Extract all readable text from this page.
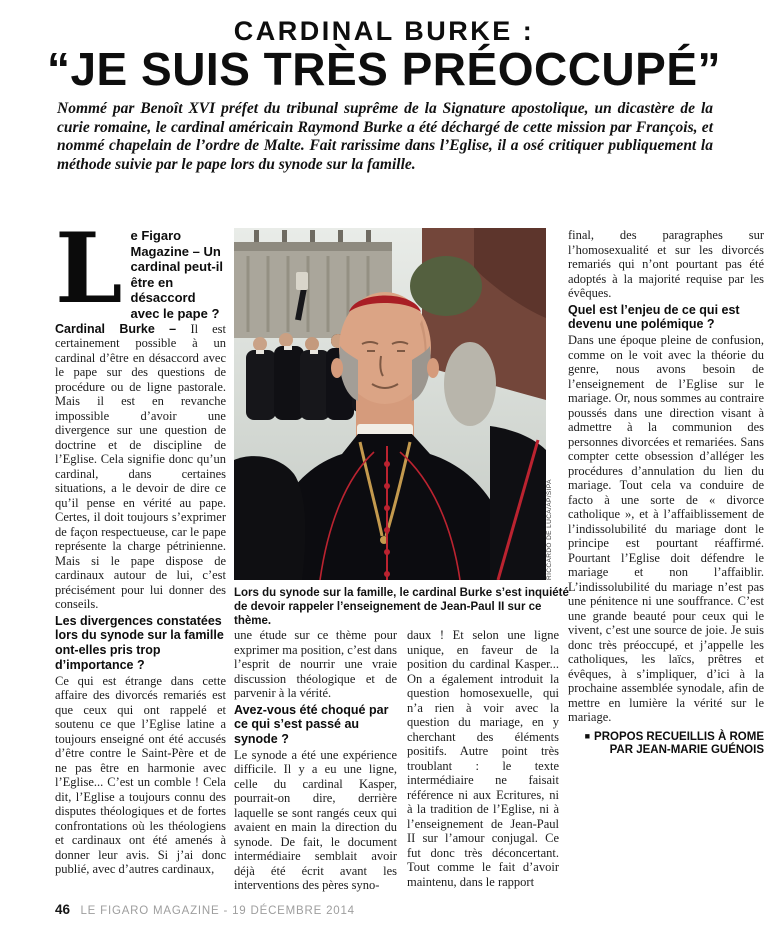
CARDINAL BURKE :
“JE SUIS TRÈS PRÉOCCUPÉ”

Nommé par Benoît XVI préfet du tribunal suprême de la Signature apostolique, un dicastère de la curie romaine, le cardinal américain Raymond Burke a été déchargé de cette mission par François, et nommé chapelain de l’ordre de Malte. Fait rarissime dans l’Eglise, il a osé critiquer publiquement la méthode suivie par le pape lors du synode sur la famille.

L e Figaro Magazine – Un cardinal peut-il être en désaccord avec le pape ?
Cardinal Burke – Il est certainement possible à un cardinal d’être en désaccord avec le pape sur des questions de procédure ou de ligne pastorale. Mais il est en revanche impossible d’avoir une divergence sur une question de doctrine et de discipline de l’Eglise. Cela signifie donc qu’un cardinal, dans certaines situations, a le devoir de dire ce qu’il pense en vérité au pape. Certes, il doit toujours s’exprimer de façon respectueuse, car le pape représente la charge pétrinienne. Mais si le pape dispose de cardinaux autour de lui, c’est précisément pour lui donner des conseils.

Les divergences constatées lors du synode sur la famille ont-elles pris trop d’importance ?

Ce qui est étrange dans cette affaire des divorcés remariés est que ceux qui ont rappelé et soutenu ce que l’Eglise latine a toujours enseigné ont été accusés d’être contre le Saint-Père et de ne pas être en harmonie avec l’Eglise... C’est un comble ! Cela dit, l’Eglise a toujours connu des disputes théologiques et de fortes confrontations où les théologiens et cardinaux ont été amenés à donner leur avis. Si j’ai donc publié, avec d’autres cardinaux,

RICCARDO DE LUCA/AP/SIPA

Lors du synode sur la famille, le cardinal Burke s’est inquiété de devoir rappeler l’enseignement de Jean-Paul II sur ce thème.

une étude sur ce thème pour exprimer ma position, c’est dans l’esprit de nourrir une vraie discussion théologique et de parvenir à la vérité.

Avez-vous été choqué par ce qui s’est passé au synode ?

Le synode a été une expérience difficile. Il y a eu une ligne, celle du cardinal Kasper, pourrait-on dire, derrière laquelle se sont rangés ceux qui avaient en main la direction du synode. De fait, le document intermédiaire semblait avoir déjà été écrit avant les interventions des pères syno-

daux ! Et selon une ligne unique, en faveur de la position du cardinal Kasper... On a également introduit la question homosexuelle, qui n’a rien à voir avec la question du mariage, en y cherchant des éléments positifs. Autre point très troublant : le texte intermédiaire ne faisait référence ni aux Ecritures, ni à la tradition de l’Eglise, ni à l’enseignement de Jean-Paul II sur l’amour conjugal. Ce fut donc très déconcertant. Tout comme le fait d’avoir maintenu, dans le rapport

final, des paragraphes sur l’homosexualité et sur les divorcés remariés qui n’ont pourtant pas été adoptés à la majorité requise par les évêques.

Quel est l’enjeu de ce qui est devenu une polémique ?

Dans une époque pleine de confusion, comme on le voit avec la théorie du genre, nous avons besoin de l’enseignement de l’Eglise sur le mariage. Or, nous sommes au contraire poussés dans une direction visant à admettre à la communion des personnes divorcées et remariées. Sans compter cette obsession d’alléger les procédures d’annulation du lien du mariage. Tout cela va conduire de facto à une sorte de « divorce catholique », et à l’affaiblissement de l’indissolubilité du mariage dont le principe est pourtant réaffirmé. Pourtant l’Eglise doit défendre le mariage et non l’affaiblir. L’indissolubilité du mariage n’est pas une pénitence ni une souffrance. C’est une grande beauté pour ceux qui le vivent, c’est une source de joie. Je suis donc très préoccupé, et j’appelle les catholiques, les laïcs, prêtres et évêques, à s’impliquer, d’ici à la prochaine assemblée synodale, afin de mettre en lumière la vérité sur le mariage.

■ PROPOS RECUEILLIS À ROME
PAR JEAN-MARIE GUÉNOIS
46 LE FIGARO MAGAZINE - 19 DÉCEMBRE 2014
